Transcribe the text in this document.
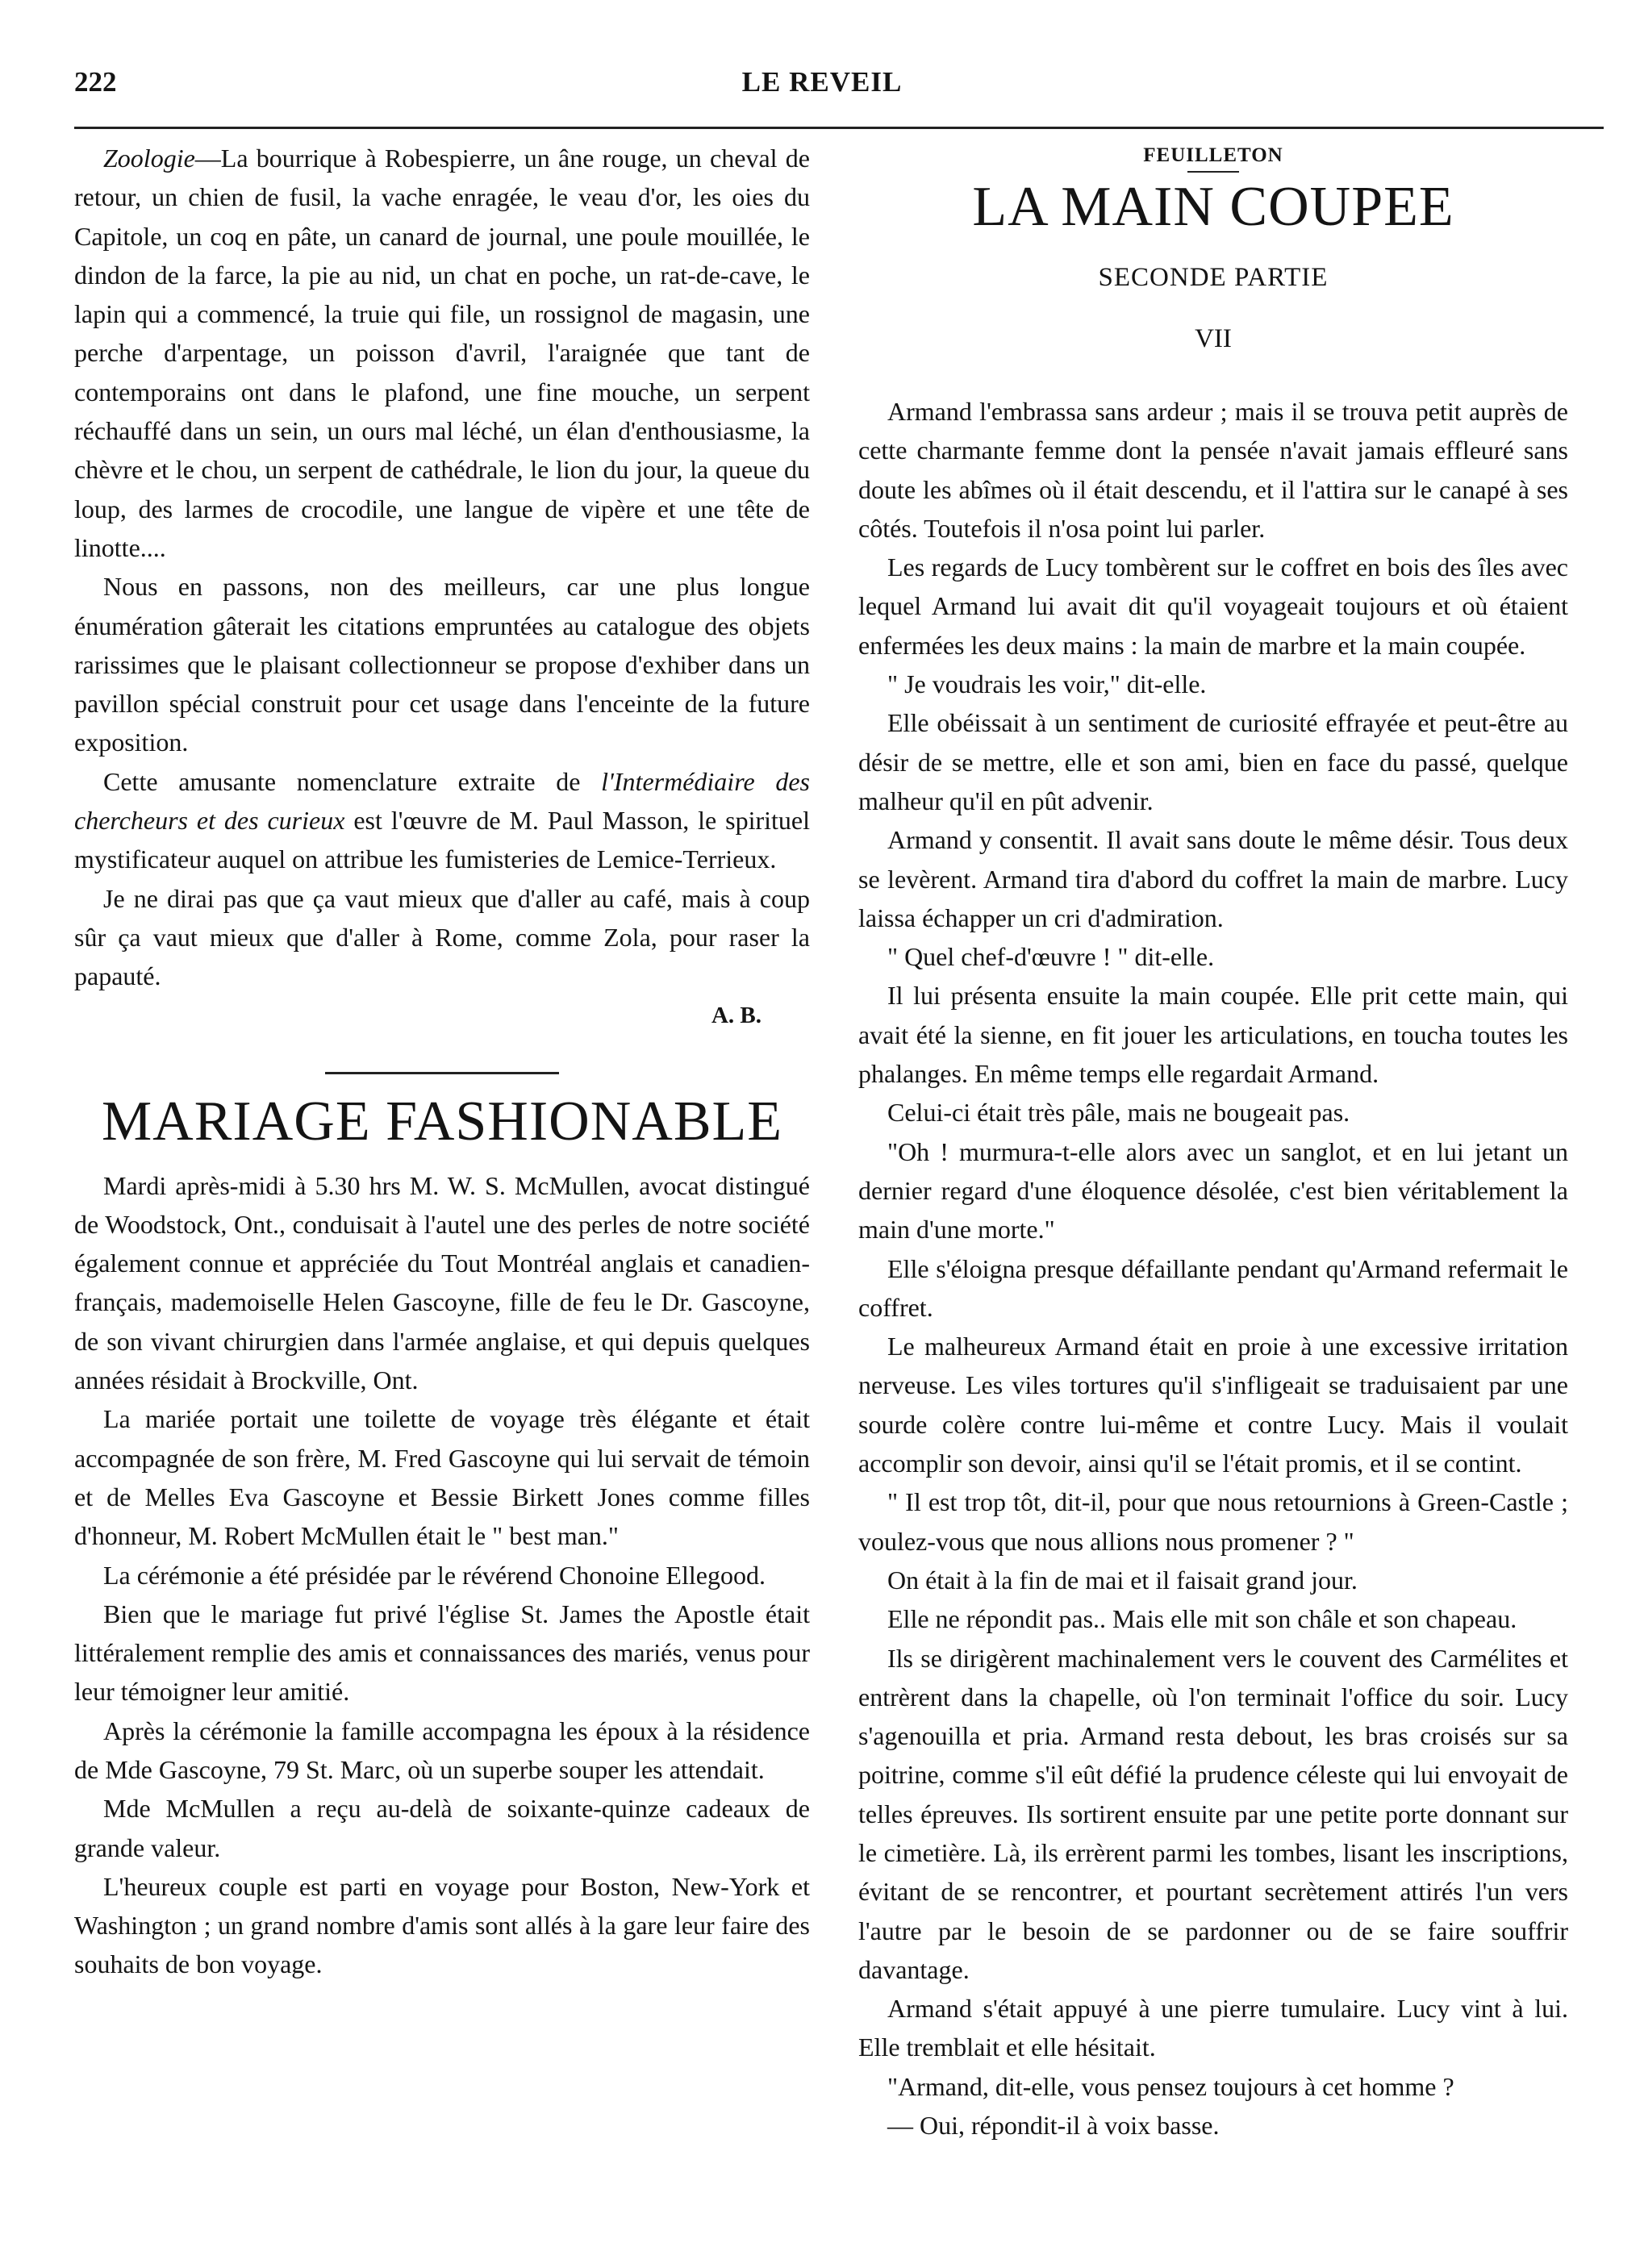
222	LE REVEIL

Zoologie—La bourrique à Robespierre, un âne rouge, un cheval de retour, un chien de fusil, la vache enragée, le veau d'or, les oies du Capitole, un coq en pâte, un canard de journal, une poule mouillée, le dindon de la farce, la pie au nid, un chat en poche, un rat-de-cave, le lapin qui a commencé, la truie qui file, un rossignol de magasin, une perche d'arpentage, un poisson d'avril, l'araignée que tant de contemporains ont dans le plafond, une fine mouche, un serpent réchauffé dans un sein, un ours mal léché, un élan d'enthousiasme, la chèvre et le chou, un serpent de cathédrale, le lion du jour, la queue du loup, des larmes de crocodile, une langue de vipère et une tête de linotte....

Nous en passons, non des meilleurs, car une plus longue énumération gâterait les citations empruntées au catalogue des objets rarissimes que le plaisant collectionneur se propose d'exhiber dans un pavillon spécial construit pour cet usage dans l'enceinte de la future exposition.

Cette amusante nomenclature extraite de l'Intermédiaire des chercheurs et des curieux est l'œuvre de M. Paul Masson, le spirituel mystificateur auquel on attribue les fumisteries de Lemice-Terrieux.

Je ne dirai pas que ça vaut mieux que d'aller au café, mais à coup sûr ça vaut mieux que d'aller à Rome, comme Zola, pour raser la papauté.

A. B.
MARIAGE FASHIONABLE

Mardi après-midi à 5.30 hrs M. W. S. McMullen, avocat distingué de Woodstock, Ont., conduisait à l'autel une des perles de notre société également connue et appréciée du Tout Montréal anglais et canadien-français, mademoiselle Helen Gascoyne, fille de feu le Dr. Gascoyne, de son vivant chirurgien dans l'armée anglaise, et qui depuis quelques années résidait à Brockville, Ont.

La mariée portait une toilette de voyage très élégante et était accompagnée de son frère, M. Fred Gascoyne qui lui servait de témoin et de Melles Eva Gascoyne et Bessie Birkett Jones comme filles d'honneur, M. Robert McMullen était le " best man."

La cérémonie a été présidée par le révérend Chonoine Ellegood.

Bien que le mariage fut privé l'église St. James the Apostle était littéralement remplie des amis et connaissances des mariés, venus pour leur témoigner leur amitié.

Après la cérémonie la famille accompagna les époux à la résidence de Mde Gascoyne, 79 St. Marc, où un superbe souper les attendait.

Mde McMullen a reçu au-delà de soixante-quinze cadeaux de grande valeur.

L'heureux couple est parti en voyage pour Boston, New-York et Washington ; un grand nombre d'amis sont allés à la gare leur faire des souhaits de bon voyage.

FEUILLETON
LA MAIN COUPEE
SECONDE PARTIE
VII

Armand l'embrassa sans ardeur ; mais il se trouva petit auprès de cette charmante femme dont la pensée n'avait jamais effleuré sans doute les abîmes où il était descendu, et il l'attira sur le canapé à ses côtés. Toutefois il n'osa point lui parler.

Les regards de Lucy tombèrent sur le coffret en bois des îles avec lequel Armand lui avait dit qu'il voyageait toujours et où étaient enfermées les deux mains : la main de marbre et la main coupée.

" Je voudrais les voir," dit-elle.

Elle obéissait à un sentiment de curiosité effrayée et peut-être au désir de se mettre, elle et son ami, bien en face du passé, quelque malheur qu'il en pût advenir.

Armand y consentit. Il avait sans doute le même désir. Tous deux se levèrent. Armand tira d'abord du coffret la main de marbre. Lucy laissa échapper un cri d'admiration.

" Quel chef-d'œuvre ! " dit-elle.

Il lui présenta ensuite la main coupée. Elle prit cette main, qui avait été la sienne, en fit jouer les articulations, en toucha toutes les phalanges. En même temps elle regardait Armand.

Celui-ci était très pâle, mais ne bougeait pas.

"Oh ! murmura-t-elle alors avec un sanglot, et en lui jetant un dernier regard d'une éloquence désolée, c'est bien véritablement la main d'une morte."

Elle s'éloigna presque défaillante pendant qu'Armand refermait le coffret.

Le malheureux Armand était en proie à une excessive irritation nerveuse. Les viles tortures qu'il s'infligeait se traduisaient par une sourde colère contre lui-même et contre Lucy. Mais il voulait accomplir son devoir, ainsi qu'il se l'était promis, et il se contint.

" Il est trop tôt, dit-il, pour que nous retournions à Green-Castle ; voulez-vous que nous allions nous promener ? "

On était à la fin de mai et il faisait grand jour.

Elle ne répondit pas.. Mais elle mit son châle et son chapeau.

Ils se dirigèrent machinalement vers le couvent des Carmélites et entrèrent dans la chapelle, où l'on terminait l'office du soir. Lucy s'agenouilla et pria. Armand resta debout, les bras croisés sur sa poitrine, comme s'il eût défié la prudence céleste qui lui envoyait de telles épreuves. Ils sortirent ensuite par une petite porte donnant sur le cimetière. Là, ils errèrent parmi les tombes, lisant les inscriptions, évitant de se rencontrer, et pourtant secrètement attirés l'un vers l'autre par le besoin de se pardonner ou de se faire souffrir davantage.

Armand s'était appuyé à une pierre tumulaire. Lucy vint à lui. Elle tremblait et elle hésitait.

"Armand, dit-elle, vous pensez toujours à cet homme ?

— Oui, répondit-il à voix basse.
